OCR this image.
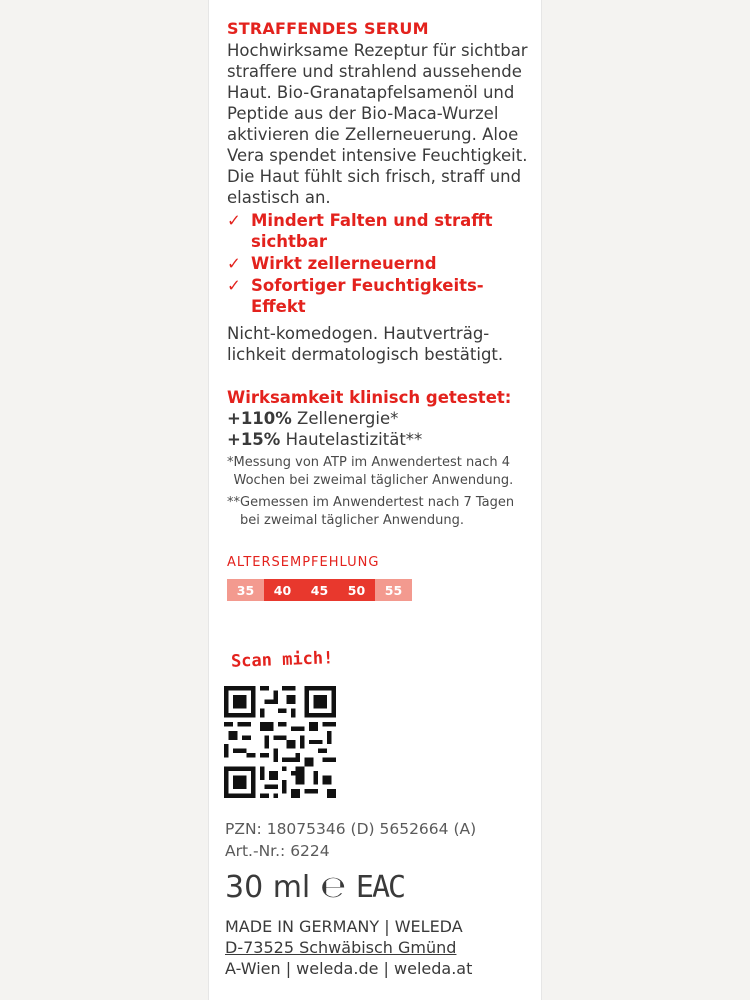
STRAFFENDES SERUM

Hochwirksame Rezeptur für sichtbar straffere und strahlend aussehende Haut. Bio-Granatapfelsamenöl und Peptide aus der Bio-Maca-Wurzel aktivieren die Zellerneuerung. Aloe Vera spendet intensive Feuchtigkeit. Die Haut fühlt sich frisch, straff und elastisch an.

✓ Mindert Falten und strafft sichtbar
✓ Wirkt zellerneuernd
✓ Sofortiger Feuchtigkeits-Effekt

Nicht-komedogen. Hautverträglichkeit dermatologisch bestätigt.

Wirksamkeit klinisch getestet:

+110% Zellenergie*

+15% Hautelastizität**

* Messung von ATP im Anwendertest nach 4 Wochen bei zweimal täglicher Anwendung.

** Gemessen im Anwendertest nach 7 Tagen bei zweimal täglicher Anwendung.

ALTERSEMPFEHLUNG

35	40	45	50	55
Scan mich!
PZN: 18075346 (D) 5652664 (A)
Art.-Nr.: 6224
30 ml ℮ EAC
MADE IN GERMANY | WELEDA
D-73525 Schwäbisch Gmünd
A-Wien | weleda.de | weleda.at
